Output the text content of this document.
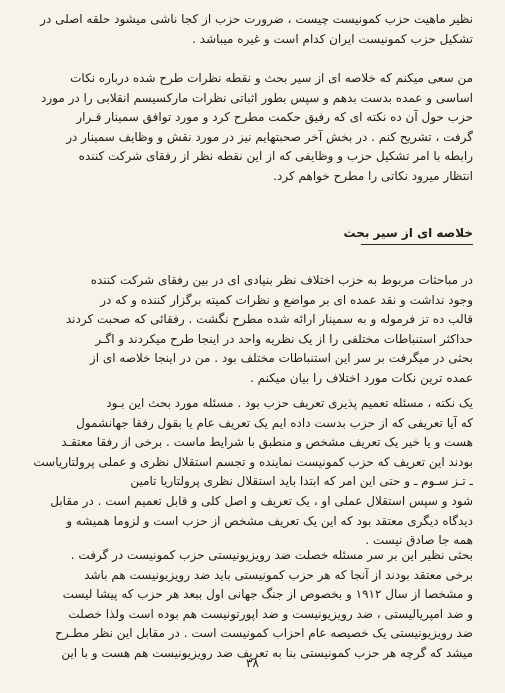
نظیر ماهیت حزب کمونیست چیست ، ضرورت حزب از کجا ناشی میشود حلقه اصلی در
تشکیل حزب کمونیست ایران کدام است و غیره میباشد .
من سعی میکنم که خلاصه ای از سیر بحث و نقطه نظرات طرح شده درباره نکات
اساسی و عمده بدست بدهم و سپس بطور اثباتی نظرات مارکسیسم انقلابی را در مورد
حزب حول آن ده نکته ای که رفیق حکمت مطرح کرد و مورد توافق سمینار قـرار
گرفت ، تشریح کنم . در بخش آخر صحبتهایم نیز در مورد نقش و وظایف سمینار در
رابطه با امر تشکیل حزب و وظایفی که از این نقطه نظر از رفقای شرکت کننده
انتظار میرود نکاتی را مطرح خواهم کرد.
خلاصه ای از سیر بحث
در مباحثات مربوط به حزب اختلاف نظر بنیادی ای در بین رفقای شرکت کننده
وجود نداشت و نقد عمده ای بر مواضع و نظرات کمیته برگزار کننده و که در
قالب ده تز فرموله و به سمینار ارائه شده مطرح نگشت . رفقائی که صحبت کردند
حداکثر استنباطات مختلفی را از یک نظریه واحد در اینجا طرح میکردند و اگـر
بحثی در میگرفت بر سر این استنباطات مختلف بود . من در اینجا خلاصه ای از
عمده ترین نکات مورد اختلاف را بیان میکنم .
یک نکته ، مسئله تعمیم پذیری تعریف حزب بود . مسئله مورد بحث این بـود
که آیا تعریفی که از حزب بدست داده ایم یک تعریف عام یا بقول رفقا جهانشمول
هست و یا خیر یک تعریف مشخص و منطبق با شرایط ماست . برخی از رفقا معتقـد
بودند این تعریف که حزب کمونیست نماینده و تجسم استقلال نظری و عملی پرولتاریاست
ـ تـز سـوم ـ و حتی این امر که ابتدا باید استقلال نظری پرولتاریا تامین
شود و سپس استقلال عملی او ، یک تعریف و اصل کلی و قابل تعمیم است . در مقابل
دیدگاه دیگری معتقد بود که این یک تعریف مشخص از حزب است و لزوما همیشه و
همه جا صادق نیست .
بحثی نظیر این بر سر مسئله خصلت ضد رویزیونیستی حزب کمونیست در گرفت .
برخی معتقد بودند از آنجا که هر حزب کمونیستی باید ضد رویزیونیست هم باشد
و مشخصا از سال ۱۹۱۲ و بخصوص از جنگ جهانی اول ببعد هر حزب که پیشا لیست
و ضد امپریالیستی ، ضد رویزیونیست و ضد اپورتونیست هم بوده است ولذا خصلت
ضد رویزیونیستی یک خصیصه عام احزاب کمونیست است . در مقابل این نظر مطـرح
میشد که گرچه هر حزب کمونیستی بنا به تعریف ضد رویزیونیست هم هست و با این
۳۸
